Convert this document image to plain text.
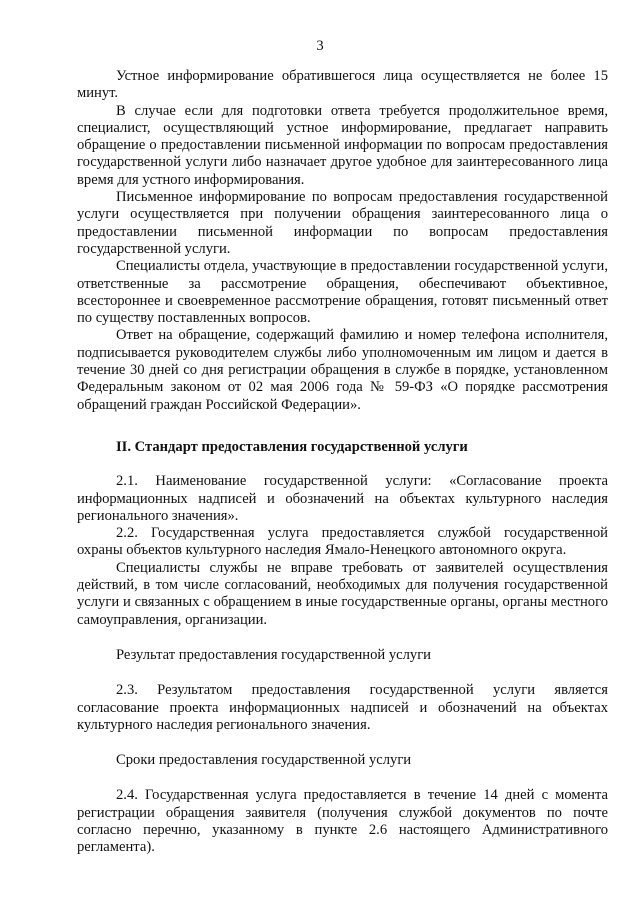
3

Устное информирование обратившегося лица осуществляется не более 15 минут.

В случае если для подготовки ответа требуется продолжительное время, специалист, осуществляющий устное информирование, предлагает направить обращение о предоставлении письменной информации по вопросам предоставления государственной услуги либо назначает другое удобное для заинтересованного лица время для устного информирования.

Письменное информирование по вопросам предоставления государственной услуги осуществляется при получении обращения заинтересованного лица о предоставлении письменной информации по вопросам предоставления государственной услуги.

Специалисты отдела, участвующие в предоставлении государственной услуги, ответственные за рассмотрение обращения, обеспечивают объективное, всестороннее и своевременное рассмотрение обращения, готовят письменный ответ по существу поставленных вопросов.

Ответ на обращение, содержащий фамилию и номер телефона исполнителя, подписывается руководителем службы либо уполномоченным им лицом и дается в течение 30 дней со дня регистрации обращения в службе в порядке, установленном Федеральным законом от 02 мая 2006 года № 59-ФЗ «О порядке рассмотрения обращений граждан Российской Федерации».

II. Стандарт предоставления государственной услуги

2.1. Наименование государственной услуги: «Согласование проекта информационных надписей и обозначений на объектах культурного наследия регионального значения».

2.2. Государственная услуга предоставляется службой государственной охраны объектов культурного наследия Ямало-Ненецкого автономного округа.

Специалисты службы не вправе требовать от заявителей осуществления действий, в том числе согласований, необходимых для получения государственной услуги и связанных с обращением в иные государственные органы, органы местного самоуправления, организации.

Результат предоставления государственной услуги

2.3. Результатом предоставления государственной услуги является согласование проекта информационных надписей и обозначений на объектах культурного наследия регионального значения.

Сроки предоставления государственной услуги

2.4. Государственная услуга предоставляется в течение 14 дней с момента регистрации обращения заявителя (получения службой документов по почте согласно перечню, указанному в пункте 2.6 настоящего Административного регламента).
